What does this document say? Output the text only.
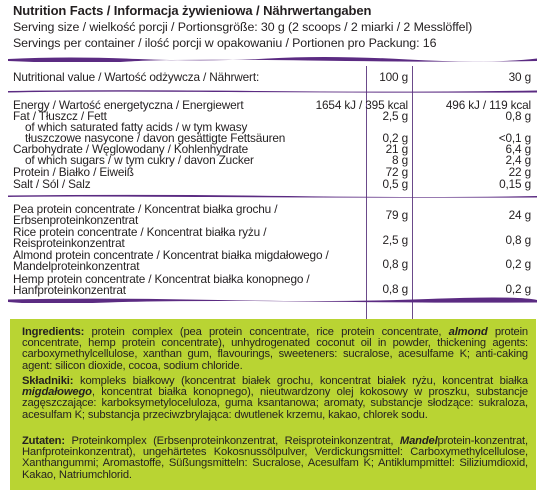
Nutrition Facts / Informacja żywieniowa / Nährwertangaben
Serving size / wielkość porcji / Portionsgröße: 30 g (2 scoops / 2 miarki / 2 Messlöffel)
Servings per container / ilość porcji w opakowaniu / Portionen pro Packung: 16
Nutritional value / Wartość odżywcza / Nährwert:	100 g	30 g
Energy / Wartość energetyczna / Energiewert	1654 kJ / 395 kcal	496 kJ / 119 kcal
Fat / Tłuszcz / Fett	2,5 g	0,8 g
of which saturated fatty acids / w tym kwasy
tłuszczowe nasycone / davon gesättigte Fettsäuren	0,2 g	<0,1 g
Carbohydrate / Węglowodany / Kohlenhydrate	21 g	6,4 g
of which sugars / w tym cukry / davon Zucker	8 g	2,4 g
Protein / Białko / Eiweiß	72 g	22 g
Salt / Sól / Salz	0,5 g	0,15 g
Pea protein concentrate / Koncentrat białka grochu /
Erbsenproteinkonzentrat	79 g	24 g
Rice protein concentrate / Koncentrat białka ryżu /
Reisproteinkonzentrat	2,5 g	0,8 g
Almond protein concentrate / Koncentrat białka migdałowego /
Mandelproteinkonzentrat	0,8 g	0,2 g
Hemp protein concentrate / Koncentrat białka konopnego /
Hanfproteinkonzentrat	0,8 g	0,2 g
Ingredients: protein complex (pea protein concentrate, rice protein concentrate, almond protein concentrate, hemp protein concentrate), unhydrogenated coconut oil in powder, thickening agents: carboxymethylcellulose, xanthan gum, flavourings, sweeteners: sucralose, acesulfame K; anti-caking agent: silicon dioxide, cocoa, sodium chloride.
Składniki: kompleks białkowy (koncentrat białek grochu, koncentrat białek ryżu, koncentrat białka migdałowego, koncentrat białka konopnego), nieutwardzony olej kokosowy w proszku, substancje zagęszczające: karboksymetyloceluloza, guma ksantanowa; aromaty, substancje słodzące: sukraloza, acesulfam K; substancja przeciwzbrylająca: dwutlenek krzemu, kakao, chlorek sodu.
Zutaten: Proteinkomplex (Erbsenproteinkonzentrat, Reisproteinkonzentrat, Mandelprotein-konzentrat, Hanfproteinkonzentrat), ungehärtetes Kokosnussölpulver, Verdickungsmittel: Carboxymethylcellulose, Xanthangummi; Aromastoffe, Süßungsmitteln: Sucralose, Acesulfam K; Antiklumpmittel: Siliziumdioxid, Kakao, Natriumchlorid.
